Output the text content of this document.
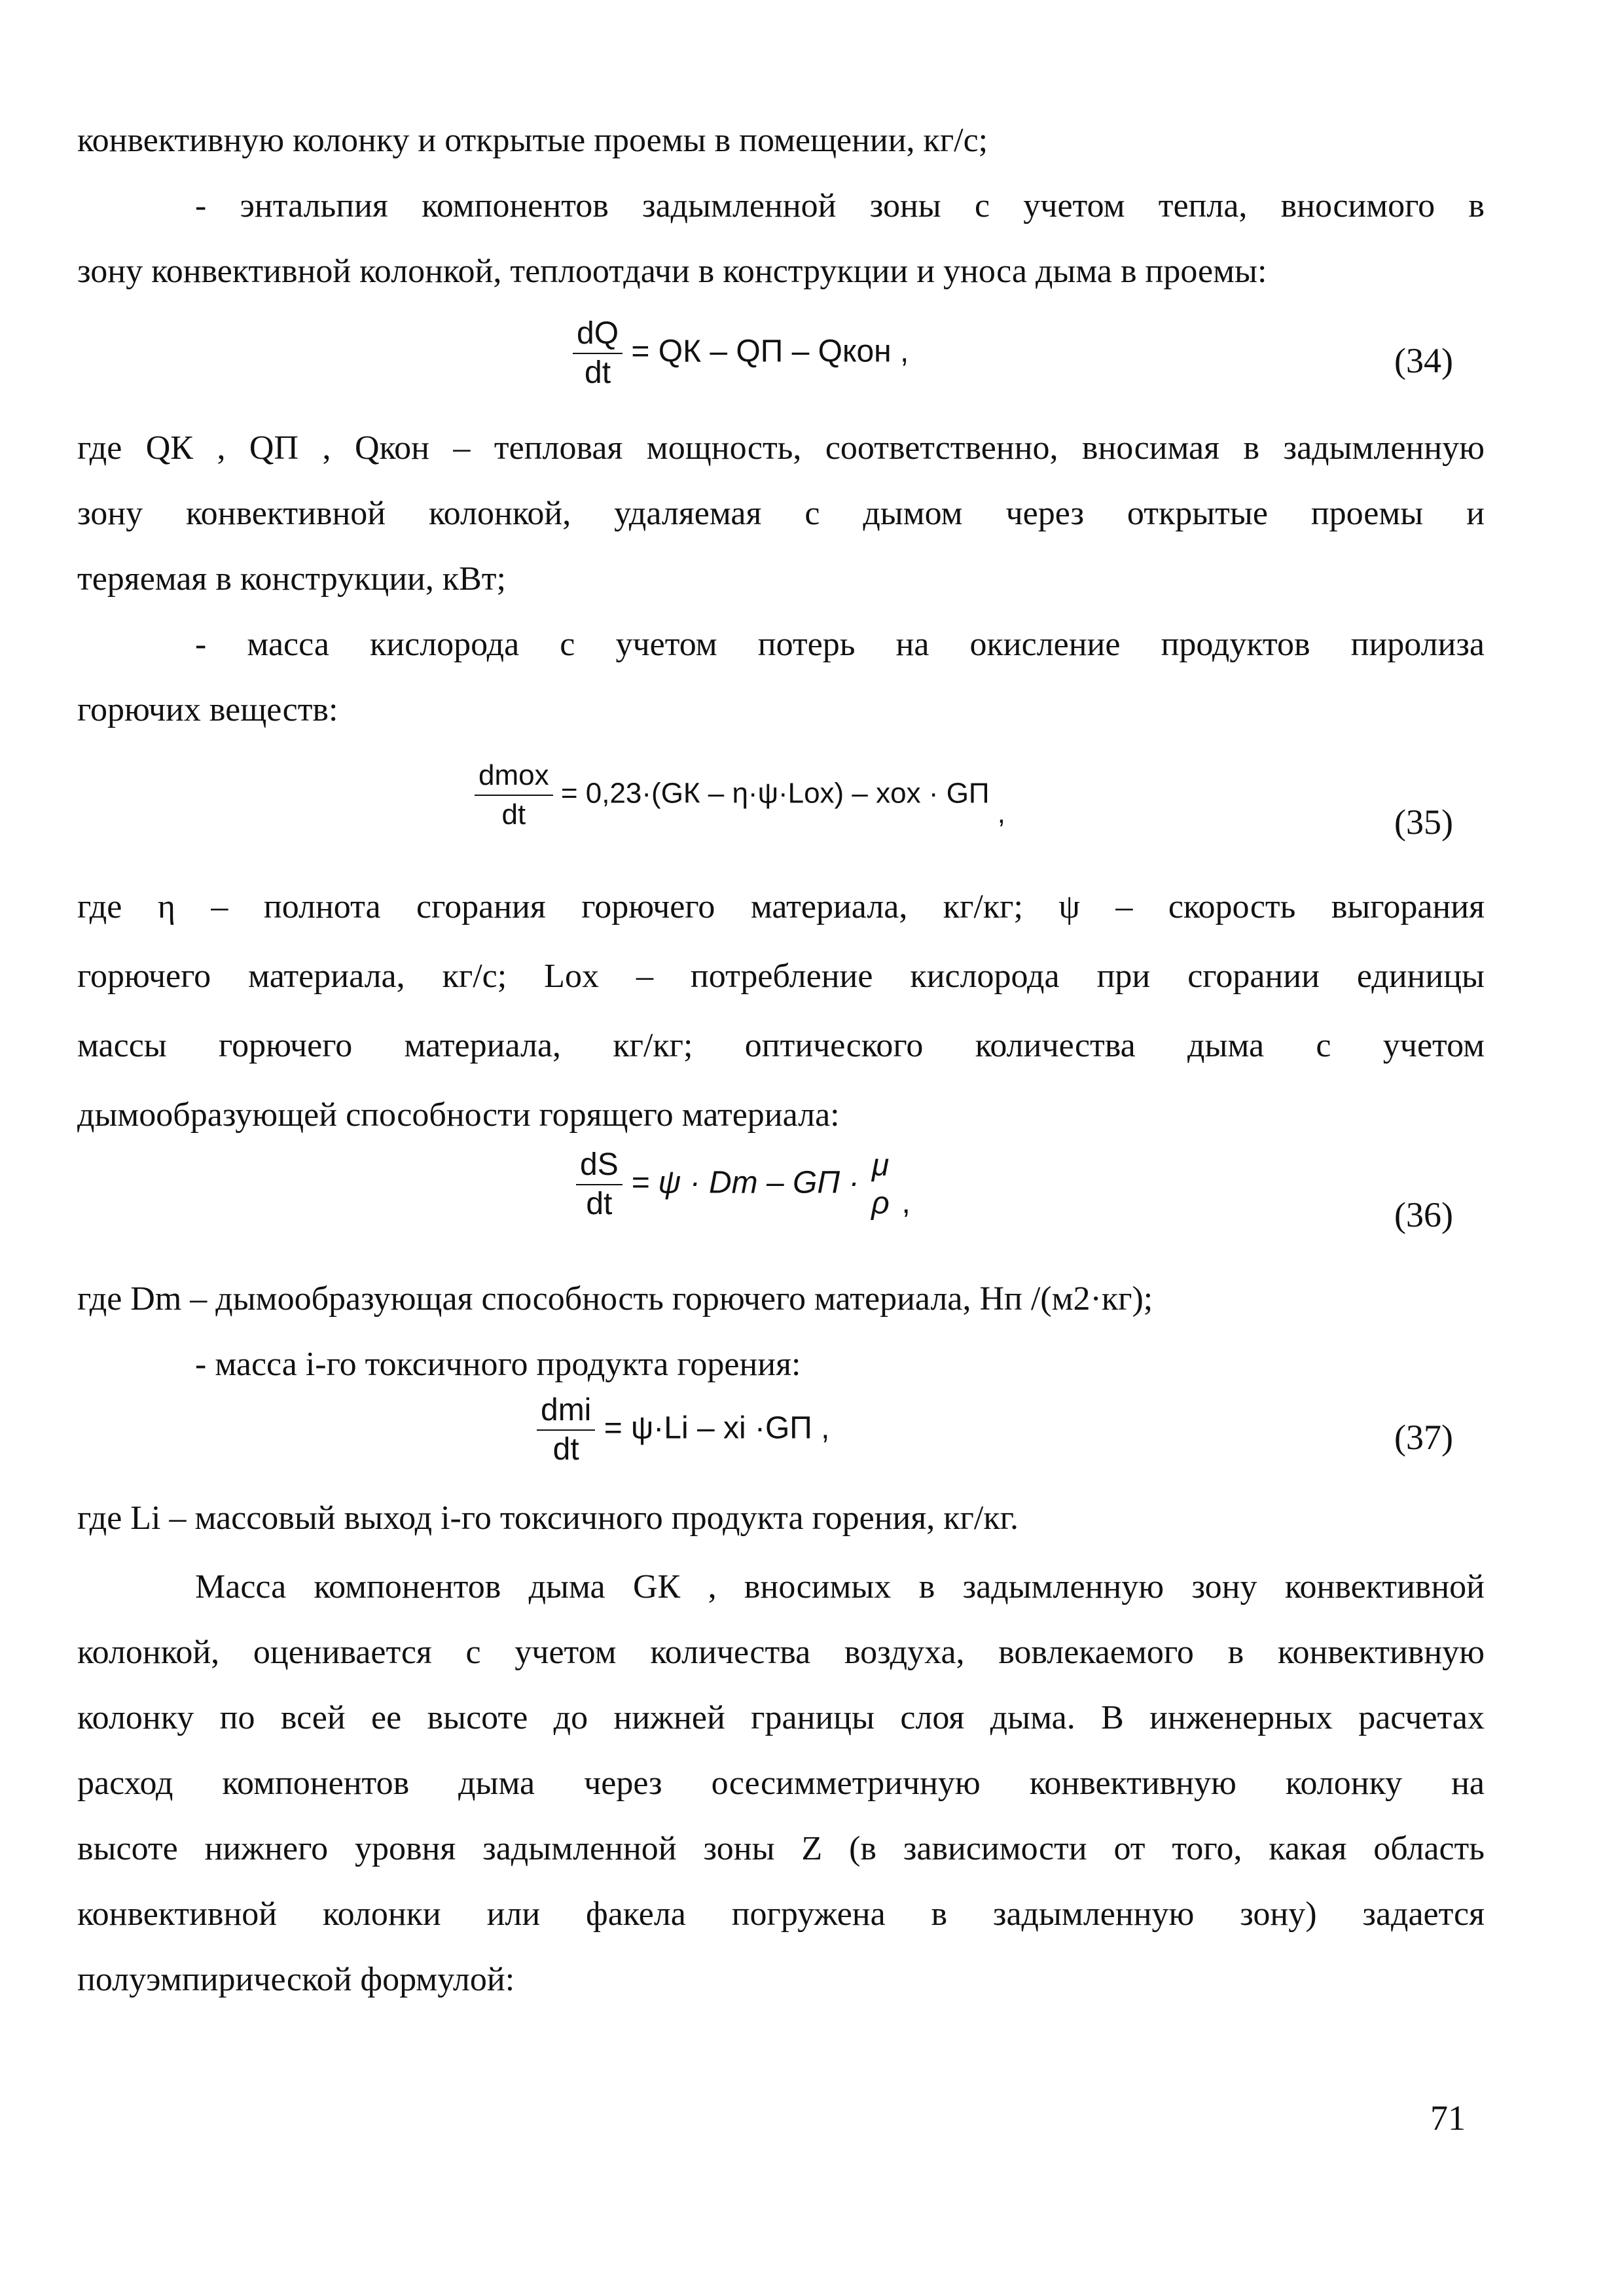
конвективную колонку и открытые проемы в помещении, кг/с;
- энтальпия компонентов задымленной зоны с учетом тепла, вносимого в
зону конвективной колонкой, теплоотдачи в конструкции и уноса дыма в проемы:
$\frac{dQ}{dt}$ = QК – QП – Qкон ,	(34)
где QК , QП , Qкон – тепловая мощность, соответственно, вносимая в задымленную
зону конвективной колонкой, удаляемая с дымом через открытые проемы и
теряемая в конструкции, кВт;
- масса кислорода с учетом потерь на окисление продуктов пиролиза
горючих веществ:
$\frac{\text{dmox}}{dt} = 0,23\cdot(GК - \eta\cdot\psi\cdot Lox)$ – xox · GП ,	(35)
где η – полнота сгорания горючего материала, кг/кг; ψ – скорость выгорания
горючего материала, кг/с; Lox – потребление кислорода при сгорании единицы
массы горючего материала, кг/кг; оптического количества дыма с учетом
дымообразующей способности горящего материала:
$\frac{dS}{dt} = \psi \cdot Dm$ – GП ·
μ
ρ ,	(36)
где Dm – дымообразующая способность горючего материала, Нп /(м2·кг);
- масса i-го токсичного продукта горения:
$\frac{\text{dmi}}{dt} = \psi\cdot Li$ – xi ·GП ,	(37)
где Li – массовый выход i-го токсичного продукта горения, кг/кг.
Масса компонентов дыма GК , вносимых в задымленную зону конвективной
колонкой, оценивается с учетом количества воздуха, вовлекаемого в конвективную
колонку по всей ее высоте до нижней границы слоя дыма. В инженерных расчетах
расход компонентов дыма через осесимметричную конвективную колонку на
высоте нижнего уровня задымленной зоны Z (в зависимости от того, какая область
конвективной колонки или факела погружена в задымленную зону) задается
полуэмпирической формулой:
71
